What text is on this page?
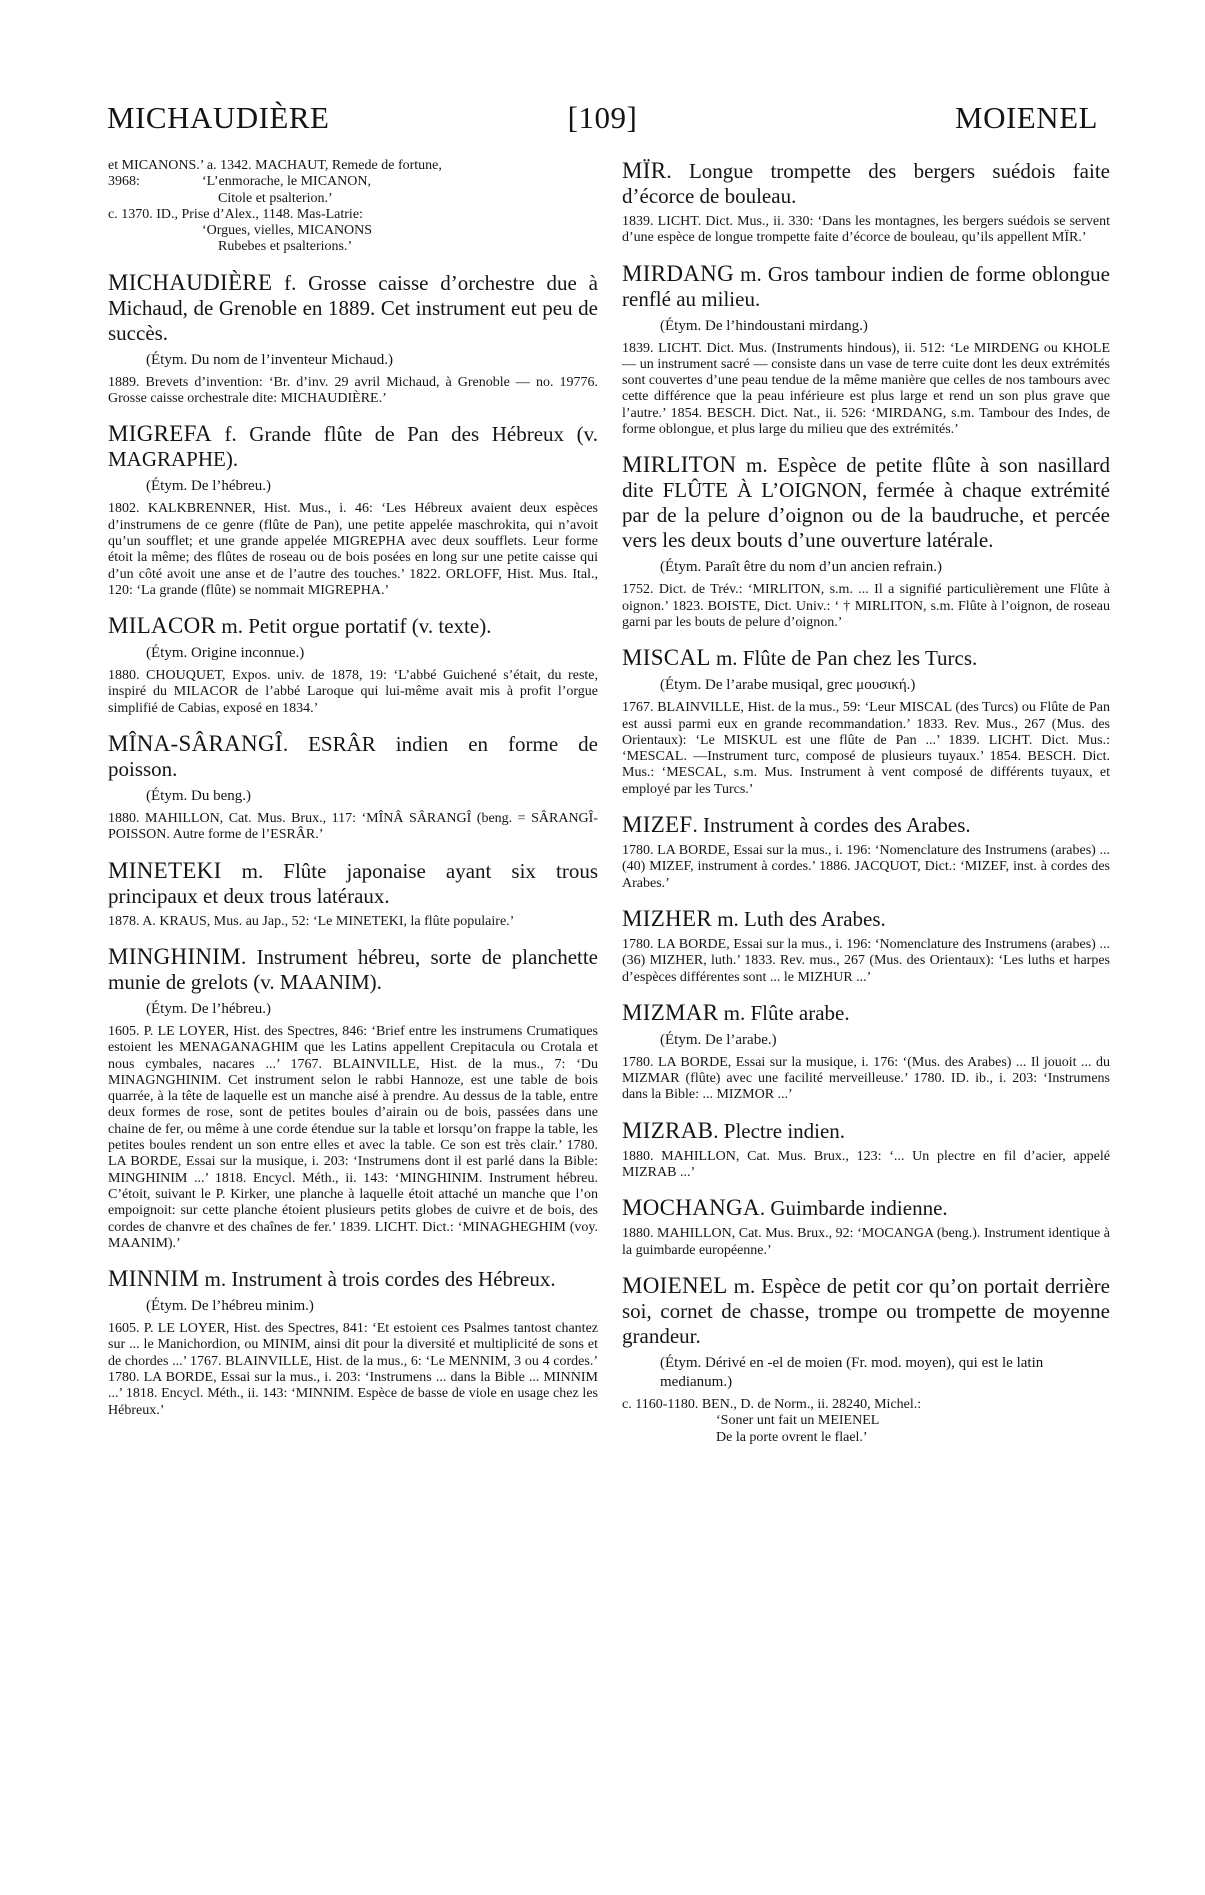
MICHAUDIÈRE	[109]	MOIENEL

et MICANONS.’ a. 1342. MACHAUT, Remede de fortune,

3968:	‘L’enmorache, le MICANON,

Citole et psalterion.’

c. 1370. ID., Prise d’Alex., 1148. Mas-Latrie:

‘Orgues, vielles, MICANONS

Rubebes et psalterions.’

MICHAUDIÈRE f. Grosse caisse d’orchestre due à Michaud, de Grenoble en 1889. Cet instrument eut peu de succès.

(Étym. Du nom de l’inventeur Michaud.)

1889. Brevets d’invention: ‘Br. d’inv. 29 avril Michaud, à Grenoble — no. 19776. Grosse caisse orchestrale dite: MICHAUDIÈRE.’

MIGREFA f. Grande flûte de Pan des Hébreux (v. MAGRAPHE).

(Étym. De l’hébreu.)

1802. KALKBRENNER, Hist. Mus., i. 46: ‘Les Hébreux avaient deux espèces d’instrumens de ce genre (flûte de Pan), une petite appelée maschrokita, qui n’avoit qu’un soufflet; et une grande appelée MIGREPHA avec deux soufflets. Leur forme étoit la même; des flûtes de roseau ou de bois posées en long sur une petite caisse qui d’un côté avoit une anse et de l’autre des touches.’ 1822. ORLOFF, Hist. Mus. Ital., 120: ‘La grande (flûte) se nommait MIGREPHA.’

MILACOR m. Petit orgue portatif (v. texte).

(Étym. Origine inconnue.)

1880. CHOUQUET, Expos. univ. de 1878, 19: ‘L’abbé Guichené s’était, du reste, inspiré du MILACOR de l’abbé Laroque qui lui-même avait mis à profit l’orgue simplifié de Cabias, exposé en 1834.’

MÎNA-SÂRANGÎ. ESRÂR indien en forme de poisson.

(Étym. Du beng.)

1880. MAHILLON, Cat. Mus. Brux., 117: ‘MÎNÂ SÂRANGÎ (beng. = SÂRANGÎ-POISSON. Autre forme de l’ESRÂR.’

MINETEKI m. Flûte japonaise ayant six trous principaux et deux trous latéraux.

1878. A. KRAUS, Mus. au Jap., 52: ‘Le MINETEKI, la flûte populaire.’

MINGHINIM. Instrument hébreu, sorte de planchette munie de grelots (v. MAANIM).

(Étym. De l’hébreu.)

1605. P. LE LOYER, Hist. des Spectres, 846: ‘Brief entre les instrumens Crumatiques estoient les MENAGANAGHIM que les Latins appellent Crepitacula ou Crotala et nous cymbales, nacares ...’ 1767. BLAINVILLE, Hist. de la mus., 7: ‘Du MINAGNGHINIM. Cet instrument selon le rabbi Hannoze, est une table de bois quarrée, à la tête de laquelle est un manche aisé à prendre. Au dessus de la table, entre deux formes de rose, sont de petites boules d’airain ou de bois, passées dans une chaine de fer, ou même à une corde étendue sur la table et lorsqu’on frappe la table, les petites boules rendent un son entre elles et avec la table. Ce son est très clair.’ 1780. LA BORDE, Essai sur la musique, i. 203: ‘Instrumens dont il est parlé dans la Bible: MINGHINIM ...’ 1818. Encycl. Méth., ii. 143: ‘MINGHINIM. Instrument hébreu. C’étoit, suivant le P. Kirker, une planche à laquelle étoit attaché un manche que l’on empoignoit: sur cette planche étoient plusieurs petits globes de cuivre et de bois, des cordes de chanvre et des chaînes de fer.’ 1839. LICHT. Dict.: ‘MINAGHEGHIM (voy. MAANIM).’

MINNIM m. Instrument à trois cordes des Hébreux.

(Étym. De l’hébreu minim.)

1605. P. LE LOYER, Hist. des Spectres, 841: ‘Et estoient ces Psalmes tantost chantez sur ... le Manichordion, ou MINIM, ainsi dit pour la diversité et multiplicité de sons et de chordes ...’ 1767. BLAINVILLE, Hist. de la mus., 6: ‘Le MENNIM, 3 ou 4 cordes.’ 1780. LA BORDE, Essai sur la mus., i. 203: ‘Instrumens ... dans la Bible ... MINNIM ...’ 1818. Encycl. Méth., ii. 143: ‘MINNIM. Espèce de basse de viole en usage chez les Hébreux.’

MÏR. Longue trompette des bergers suédois faite d’écorce de bouleau.

1839. LICHT. Dict. Mus., ii. 330: ‘Dans les montagnes, les bergers suédois se servent d’une espèce de longue trompette faite d’écorce de bouleau, qu’ils appellent MÏR.’

MIRDANG m. Gros tambour indien de forme oblongue renflé au milieu.

(Étym. De l’hindoustani mirdang.)

1839. LICHT. Dict. Mus. (Instruments hindous), ii. 512: ‘Le MIRDENG ou KHOLE — un instrument sacré — consiste dans un vase de terre cuite dont les deux extrémités sont couvertes d’une peau tendue de la même manière que celles de nos tambours avec cette différence que la peau inférieure est plus large et rend un son plus grave que l’autre.’ 1854. BESCH. Dict. Nat., ii. 526: ‘MIRDANG, s.m. Tambour des Indes, de forme oblongue, et plus large du milieu que des extrémités.’

MIRLITON m. Espèce de petite flûte à son nasillard dite FLÛTE À L’OIGNON, fermée à chaque extrémité par de la pelure d’oignon ou de la baudruche, et percée vers les deux bouts d’une ouverture latérale.

(Étym. Paraît être du nom d’un ancien refrain.)

1752. Dict. de Trév.: ‘MIRLITON, s.m. ... Il a signifié particulièrement une Flûte à oignon.’ 1823. BOISTE, Dict. Univ.: ‘ † MIRLITON, s.m. Flûte à l’oignon, de roseau garni par les bouts de pelure d’oignon.’

MISCAL m. Flûte de Pan chez les Turcs.

(Étym. De l’arabe musiqal, grec μουσική.)

1767. BLAINVILLE, Hist. de la mus., 59: ‘Leur MISCAL (des Turcs) ou Flûte de Pan est aussi parmi eux en grande recommandation.’ 1833. Rev. Mus., 267 (Mus. des Orientaux): ‘Le MISKUL est une flûte de Pan ...’ 1839. LICHT. Dict. Mus.: ‘MESCAL. —Instrument turc, composé de plusieurs tuyaux.’ 1854. BESCH. Dict. Mus.: ‘MESCAL, s.m. Mus. Instrument à vent composé de différents tuyaux, et employé par les Turcs.’

MIZEF. Instrument à cordes des Arabes.

1780. LA BORDE, Essai sur la mus., i. 196: ‘Nomenclature des Instrumens (arabes) ... (40) MIZEF, instrument à cordes.’ 1886. JACQUOT, Dict.: ‘MIZEF, inst. à cordes des Arabes.’

MIZHER m. Luth des Arabes.

1780. LA BORDE, Essai sur la mus., i. 196: ‘Nomenclature des Instrumens (arabes) ... (36) MIZHER, luth.’ 1833. Rev. mus., 267 (Mus. des Orientaux): ‘Les luths et harpes d’espèces différentes sont ... le MIZHUR ...’

MIZMAR m. Flûte arabe.

(Étym. De l’arabe.)

1780. LA BORDE, Essai sur la musique, i. 176: ‘(Mus. des Arabes) ... Il jouoit ... du MIZMAR (flûte) avec une facilité merveilleuse.’ 1780. ID. ib., i. 203: ‘Instrumens dans la Bible: ... MIZMOR ...’

MIZRAB. Plectre indien.

1880. MAHILLON, Cat. Mus. Brux., 123: ‘... Un plectre en fil d’acier, appelé MIZRAB ...’

MOCHANGA. Guimbarde indienne.

1880. MAHILLON, Cat. Mus. Brux., 92: ‘MOCANGA (beng.). Instrument identique à la guimbarde européenne.’

MOIENEL m. Espèce de petit cor qu’on portait derrière soi, cornet de chasse, trompe ou trompette de moyenne grandeur.

(Étym. Dérivé en -el de moien (Fr. mod. moyen), qui est le latin medianum.)

c. 1160-1180. BEN., D. de Norm., ii. 28240, Michel.:

‘Soner unt fait un MEIENEL

De la porte ovrent le flael.’
